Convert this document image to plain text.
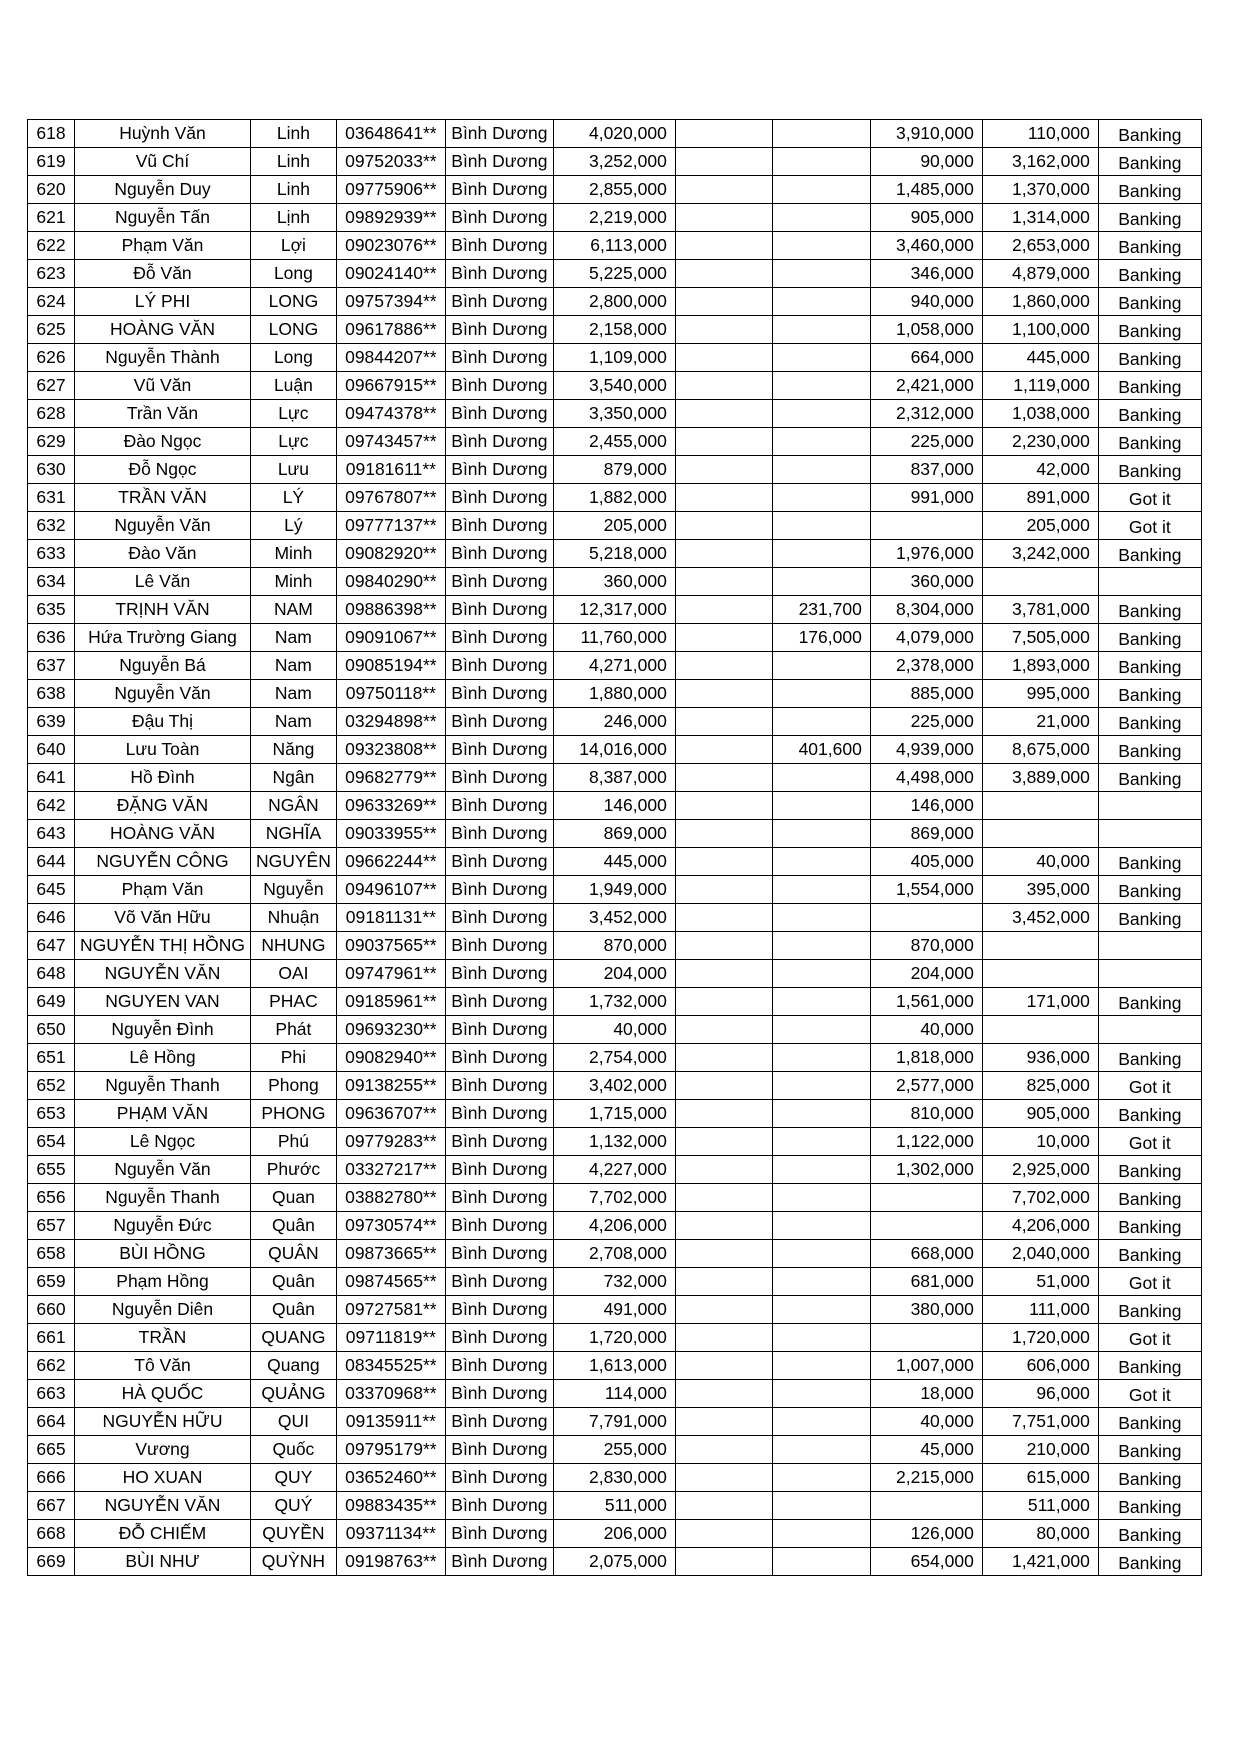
618	Huỳnh Văn	Linh	03648641**	Bình Dương	4,020,000			3,910,000	110,000	Banking
619	Vũ Chí	Linh	09752033**	Bình Dương	3,252,000			90,000	3,162,000	Banking
620	Nguyễn Duy	Linh	09775906**	Bình Dương	2,855,000			1,485,000	1,370,000	Banking
621	Nguyễn Tấn	Lịnh	09892939**	Bình Dương	2,219,000			905,000	1,314,000	Banking
622	Phạm Văn	Lợi	09023076**	Bình Dương	6,113,000			3,460,000	2,653,000	Banking
623	Đỗ Văn	Long	09024140**	Bình Dương	5,225,000			346,000	4,879,000	Banking
624	LÝ PHI	LONG	09757394**	Bình Dương	2,800,000			940,000	1,860,000	Banking
625	HOÀNG VĂN	LONG	09617886**	Bình Dương	2,158,000			1,058,000	1,100,000	Banking
626	Nguyễn Thành	Long	09844207**	Bình Dương	1,109,000			664,000	445,000	Banking
627	Vũ Văn	Luận	09667915**	Bình Dương	3,540,000			2,421,000	1,119,000	Banking
628	Trần Văn	Lực	09474378**	Bình Dương	3,350,000			2,312,000	1,038,000	Banking
629	Đào Ngọc	Lực	09743457**	Bình Dương	2,455,000			225,000	2,230,000	Banking
630	Đỗ Ngọc	Lưu	09181611**	Bình Dương	879,000			837,000	42,000	Banking
631	TRẦN VĂN	LÝ	09767807**	Bình Dương	1,882,000			991,000	891,000	Got it
632	Nguyễn Văn	Lý	09777137**	Bình Dương	205,000				205,000	Got it
633	Đào Văn	Minh	09082920**	Bình Dương	5,218,000			1,976,000	3,242,000	Banking
634	Lê Văn	Minh	09840290**	Bình Dương	360,000			360,000		
635	TRỊNH VĂN	NAM	09886398**	Bình Dương	12,317,000		231,700	8,304,000	3,781,000	Banking
636	Hứa Trường Giang	Nam	09091067**	Bình Dương	11,760,000		176,000	4,079,000	7,505,000	Banking
637	Nguyễn Bá	Nam	09085194**	Bình Dương	4,271,000			2,378,000	1,893,000	Banking
638	Nguyễn Văn	Nam	09750118**	Bình Dương	1,880,000			885,000	995,000	Banking
639	Đậu Thị	Nam	03294898**	Bình Dương	246,000			225,000	21,000	Banking
640	Lưu Toàn	Năng	09323808**	Bình Dương	14,016,000		401,600	4,939,000	8,675,000	Banking
641	Hồ Đình	Ngân	09682779**	Bình Dương	8,387,000			4,498,000	3,889,000	Banking
642	ĐẶNG VĂN	NGÂN	09633269**	Bình Dương	146,000			146,000		
643	HOÀNG VĂN	NGHĨA	09033955**	Bình Dương	869,000			869,000		
644	NGUYỄN CÔNG	NGUYÊN	09662244**	Bình Dương	445,000			405,000	40,000	Banking
645	Phạm Văn	Nguyễn	09496107**	Bình Dương	1,949,000			1,554,000	395,000	Banking
646	Võ Văn Hữu	Nhuận	09181131**	Bình Dương	3,452,000				3,452,000	Banking
647	NGUYỄN THỊ HỒNG	NHUNG	09037565**	Bình Dương	870,000			870,000		
648	NGUYỄN VĂN	OAI	09747961**	Bình Dương	204,000			204,000		
649	NGUYEN VAN	PHAC	09185961**	Bình Dương	1,732,000			1,561,000	171,000	Banking
650	Nguyễn Đình	Phát	09693230**	Bình Dương	40,000			40,000		
651	Lê Hồng	Phi	09082940**	Bình Dương	2,754,000			1,818,000	936,000	Banking
652	Nguyễn Thanh	Phong	09138255**	Bình Dương	3,402,000			2,577,000	825,000	Got it
653	PHẠM VĂN	PHONG	09636707**	Bình Dương	1,715,000			810,000	905,000	Banking
654	Lê Ngọc	Phú	09779283**	Bình Dương	1,132,000			1,122,000	10,000	Got it
655	Nguyễn Văn	Phước	03327217**	Bình Dương	4,227,000			1,302,000	2,925,000	Banking
656	Nguyễn Thanh	Quan	03882780**	Bình Dương	7,702,000				7,702,000	Banking
657	Nguyễn Đức	Quân	09730574**	Bình Dương	4,206,000				4,206,000	Banking
658	BÙI HỒNG	QUÂN	09873665**	Bình Dương	2,708,000			668,000	2,040,000	Banking
659	Phạm Hồng	Quân	09874565**	Bình Dương	732,000			681,000	51,000	Got it
660	Nguyễn Diên	Quân	09727581**	Bình Dương	491,000			380,000	111,000	Banking
661	TRẦN	QUANG	09711819**	Bình Dương	1,720,000				1,720,000	Got it
662	Tô Văn	Quang	08345525**	Bình Dương	1,613,000			1,007,000	606,000	Banking
663	HÀ QUỐC	QUẢNG	03370968**	Bình Dương	114,000			18,000	96,000	Got it
664	NGUYỄN HỮU	QUI	09135911**	Bình Dương	7,791,000			40,000	7,751,000	Banking
665	Vương	Quốc	09795179**	Bình Dương	255,000			45,000	210,000	Banking
666	HO XUAN	QUY	03652460**	Bình Dương	2,830,000			2,215,000	615,000	Banking
667	NGUYỄN VĂN	QUÝ	09883435**	Bình Dương	511,000				511,000	Banking
668	ĐỖ CHIẾM	QUYỀN	09371134**	Bình Dương	206,000			126,000	80,000	Banking
669	BÙI NHƯ	QUỲNH	09198763**	Bình Dương	2,075,000			654,000	1,421,000	Banking
